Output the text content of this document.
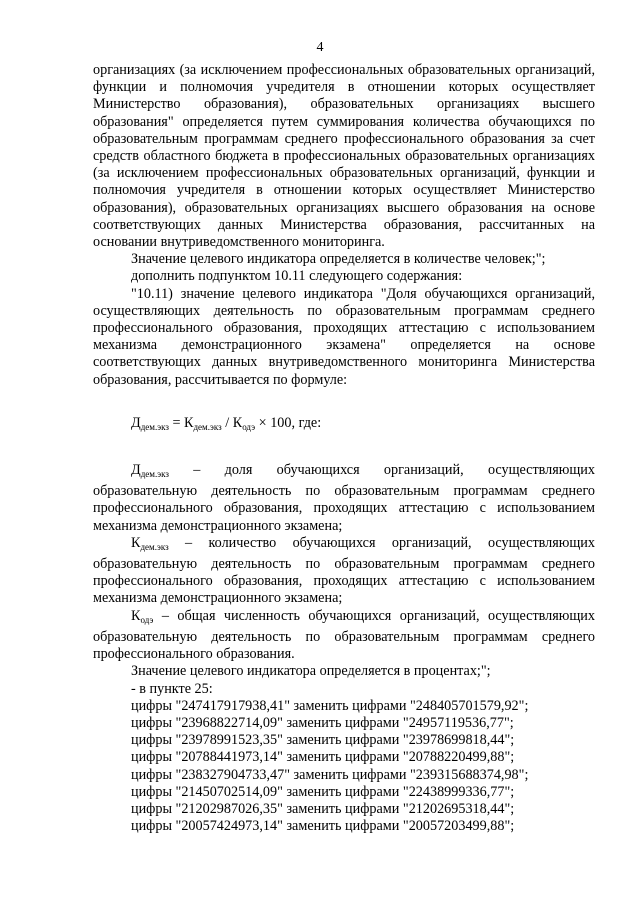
4

организациях (за исключением профессиональных образовательных организаций, функции и полномочия учредителя в отношении которых осуществляет Министерство образования), образовательных организациях высшего образования" определяется путем суммирования количества обучающихся по образовательным программам среднего профессионального образования за счет средств областного бюджета в профессиональных образовательных организациях (за исключением профессиональных образовательных организаций, функции и полномочия учредителя в отношении которых осуществляет Министерство образования), образовательных организациях высшего образования на основе соответствующих данных Министерства образования, рассчитанных на основании внутриведомственного мониторинга.

Значение целевого индикатора определяется в количестве человек;";

дополнить подпунктом 10.11 следующего содержания:

"10.11) значение целевого индикатора "Доля обучающихся организаций, осуществляющих деятельность по образовательным программам среднего профессионального образования, проходящих аттестацию с использованием механизма демонстрационного экзамена" определяется на основе соответствующих данных внутриведомственного мониторинга Министерства образования, рассчитывается по формуле:

$Д_{дем.экз} = К_{дем.экз} / К_{одэ} \times 100$, где:

$Д_{дем.экз}$ – доля обучающихся организаций, осуществляющих образовательную деятельность по образовательным программам среднего профессионального образования, проходящих аттестацию с использованием механизма демонстрационного экзамена;

$К_{дем.экз}$ – количество обучающихся организаций, осуществляющих образовательную деятельность по образовательным программам среднего профессионального образования, проходящих аттестацию с использованием механизма демонстрационного экзамена;

$К_{одэ}$ – общая численность обучающихся организаций, осуществляющих образовательную деятельность по образовательным программам среднего профессионального образования.

Значение целевого индикатора определяется в процентах;";

- в пункте 25:

цифры "247417917938,41" заменить цифрами "248405701579,92";

цифры "23968822714,09" заменить цифрами "24957119536,77";

цифры "23978991523,35" заменить цифрами "23978699818,44";

цифры "20788441973,14" заменить цифрами "20788220499,88";

цифры "238327904733,47" заменить цифрами "239315688374,98";

цифры "21450702514,09" заменить цифрами "22438999336,77";

цифры "21202987026,35" заменить цифрами "21202695318,44";

цифры "20057424973,14" заменить цифрами "20057203499,88";
